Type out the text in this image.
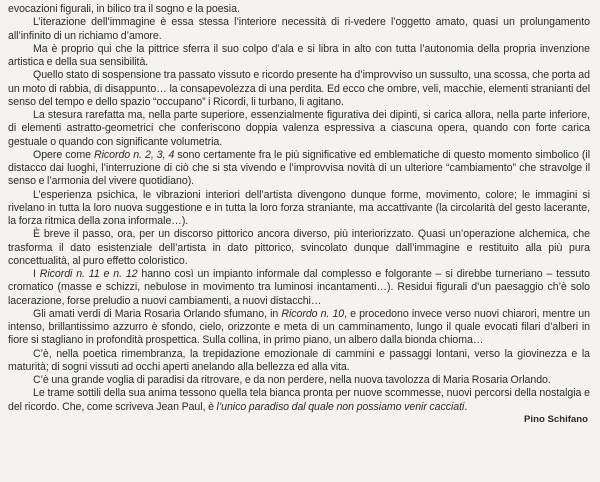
evocazioni figurali, in bilico tra il sogno e la poesia.

L’iterazione dell’immagine è essa stessa l’interiore necessità di ri-vedere l’oggetto amato, quasi un prolungamento all’infinito di un richiamo d’amore.

Ma è proprio qui che la pittrice sferra il suo colpo d’ala e si libra in alto con tutta l’autonomia della propria invenzione artistica e della sua sensibilità.

Quello stato di sospensione tra passato vissuto e ricordo presente ha d’improvviso un sussulto, una scossa, che porta ad un moto di rabbia, di disappunto… la consapevolezza di una perdita. Ed ecco che ombre, veli, macchie, elementi stranianti del senso del tempo e dello spazio “occupano” i Ricordi, li turbano, li agitano.

La stesura rarefatta ma, nella parte superiore, essenzialmente figurativa dei dipinti, si carica allora, nella parte inferiore, di elementi astratto-geometrici che conferiscono doppia valenza espressiva a ciascuna opera, quando con forte carica gestuale o quando con significante volumetria.

Opere come Ricordo n. 2, 3, 4 sono certamente fra le più significative ed emblematiche di questo momento simbolico (il distacco dai luoghi, l’interruzione di ciò che si sta vivendo e l’improvvisa novità di un ulteriore “cambiamento” che stravolge il senso e l’armonia del vivere quotidiano).

L’esperienza psichica, le vibrazioni interiori dell’artista divengono dunque forme, movimento, colore; le immagini si rivelano in tutta la loro nuova suggestione e in tutta la loro forza straniante, ma accattivante (la circolarità del gesto lacerante, la forza ritmica della zona informale…).

È breve il passo, ora, per un discorso pittorico ancora diverso, più interiorizzato. Quasi un’operazione alchemica, che trasforma il dato esistenziale dell’artista in dato pittorico, svincolato dunque dall’immagine e restituito alla più pura concettualità, al puro effetto coloristico.

I Ricordi n. 11 e n. 12 hanno così un impianto informale dal complesso e folgorante – si direbbe turneriano – tessuto cromatico (masse e schizzi, nebulose in movimento tra luminosi incantamenti…). Residui figurali d’un paesaggio ch’è solo lacerazione, forse preludio a nuovi cambiamenti, a nuovi distacchi…

Gli amati verdi di Maria Rosaria Orlando sfumano, in Ricordo n. 10, e procedono invece verso nuovi chiarori, mentre un intenso, brillantissimo azzurro è sfondo, cielo, orizzonte e meta di un camminamento, lungo il quale evocati filari d’alberi in fiore si stagliano in profondità prospettica. Sulla collina, in primo piano, un albero dalla bionda chioma…

C’è, nella poetica rimembranza, la trepidazione emozionale di cammini e passaggi lontani, verso la giovinezza e la maturità; di sogni vissuti ad occhi aperti anelando alla bellezza ed alla vita.

C’è una grande voglia di paradisi da ritrovare, e da non perdere, nella nuova tavolozza di Maria Rosaria Orlando.

Le trame sottili della sua anima tessono quella tela bianca pronta per nuove scommesse, nuovi percorsi della nostalgia e del ricordo. Che, come scriveva Jean Paul, è l’unico paradiso dal quale non possiamo venir cacciati.

Pino Schifano
